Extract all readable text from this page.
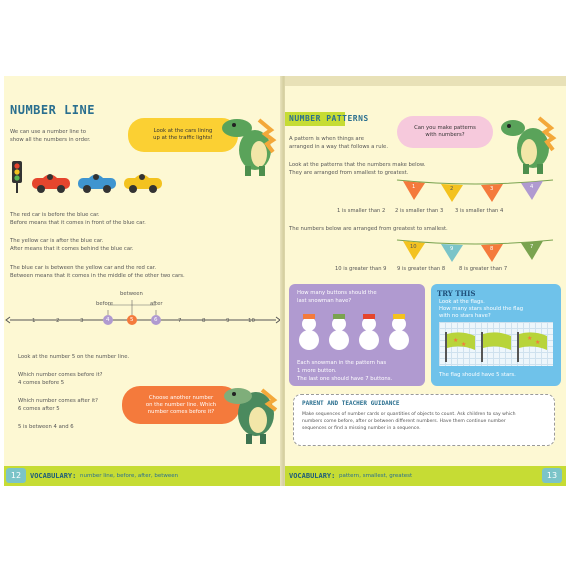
NUMBER LINE
We can use a number line to
show all the numbers in order.
Look at the cars lining
up at the traffic lights!
The red car is before the blue car.
Before means that it comes in front of the blue car.
The yellow car is after the blue car.
After means that it comes behind the blue car.
The blue car is between the yellow car and the red car.
Between means that it comes in the middle of the other two cars.
before
between
after
1	2	3	4	5	6	7	8	9	10
Look at the number 5 on the number line.
Which number comes before it?
4 comes before 5
Which number comes after it?
6 comes after 5
5 is between 4 and 6
Choose another number
on the number line. Which
number comes before it?
VOCABULARY: number line, before, after, between
12
NUMBER PATTERNS
A pattern is when things are
arranged in a way that follows a rule.
Can you make patterns
with numbers?
Look at the patterns that the numbers make below.
They are arranged from smallest to greatest.
1	2	3	4
1 is smaller than 2 2 is smaller than 3 3 is smaller than 4
The numbers below are arranged from greatest to smallest.
10	9	8	7
10 is greater than 9 9 is greater than 8	8 is greater than 7
How many buttons should the
last snowman have?
Each snowman in the pattern has
1 more button.
The last one should have 7 buttons.
TRY THIS
Look at the flags.
How many stars should the flag
with no stars have?
★
★
★
★
The flag should have 5 stars.
PARENT AND TEACHER GUIDANCE
Make sequences of number cards or quantities of objects to count. Ask children to say which
numbers come before, after or between different numbers. Have them continue number
sequences or find a missing number in a sequence.
VOCABULARY: pattern, smallest, greatest	13
